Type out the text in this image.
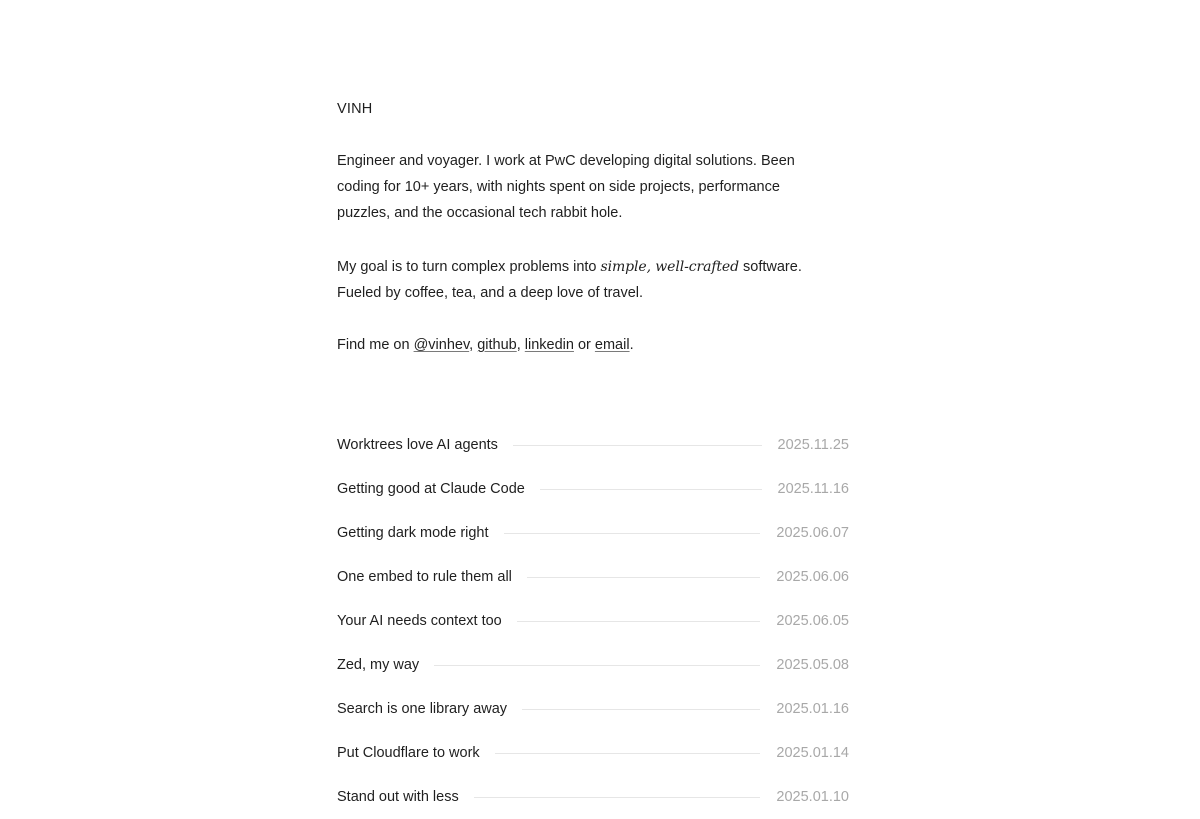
VINH

Engineer and voyager. I work at PwC developing digital solutions. Been coding for 10+ years, with nights spent on side projects, performance puzzles, and the occasional tech rabbit hole.

My goal is to turn complex problems into simple, well-crafted software. Fueled by coffee, tea, and a deep love of travel.

Find me on @vinhev, github, linkedin or email.

Worktrees love AI agents	2025.11.25
Getting good at Claude Code	2025.11.16
Getting dark mode right	2025.06.07
One embed to rule them all	2025.06.06
Your AI needs context too	2025.06.05
Zed, my way	2025.05.08
Search is one library away	2025.01.16
Put Cloudflare to work	2025.01.14
Stand out with less	2025.01.10
